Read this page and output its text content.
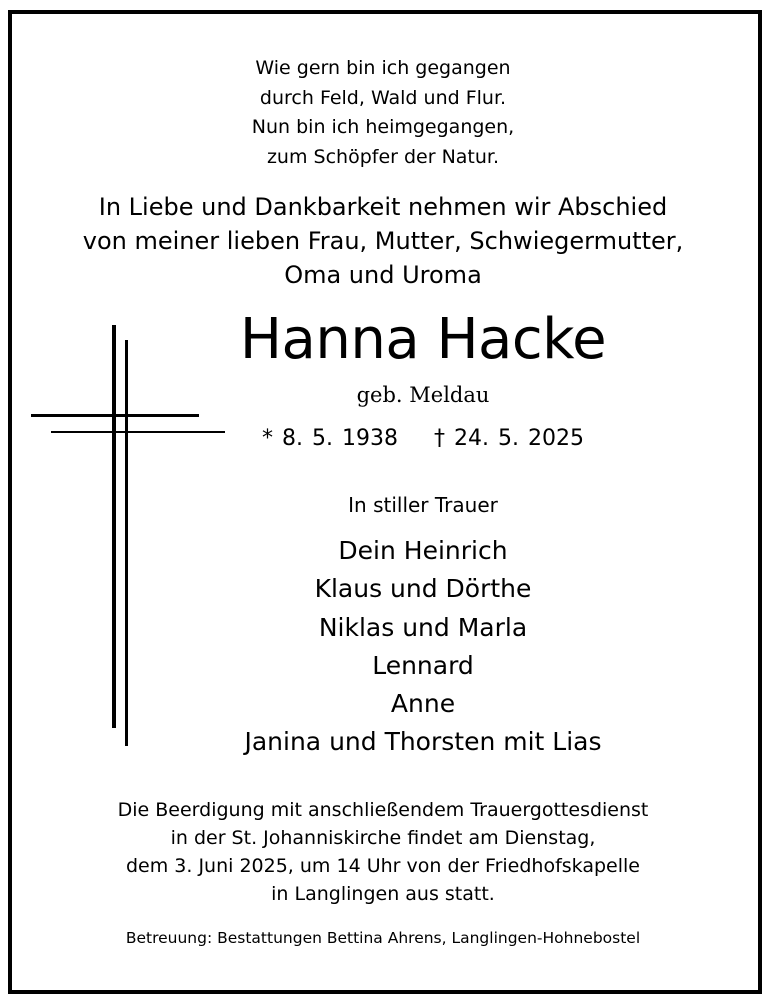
Wie gern bin ich gegangen
durch Feld, Wald und Flur.
Nun bin ich heimgegangen,
zum Schöpfer der Natur.
In Liebe und Dankbarkeit nehmen wir Abschied
von meiner lieben Frau, Mutter, Schwiegermutter,
Oma und Uroma
Hanna Hacke
geb. Meldau
* 8. 5. 1938 † 24. 5. 2025
In stiller Trauer
Dein Heinrich
Klaus und Dörthe
Niklas und Marla
Lennard
Anne
Janina und Thorsten mit Lias
Die Beerdigung mit anschließendem Trauergottesdienst
in der St. Johanniskirche findet am Dienstag,
dem 3. Juni 2025, um 14 Uhr von der Friedhofskapelle
in Langlingen aus statt.
Betreuung: Bestattungen Bettina Ahrens, Langlingen-Hohnebostel
